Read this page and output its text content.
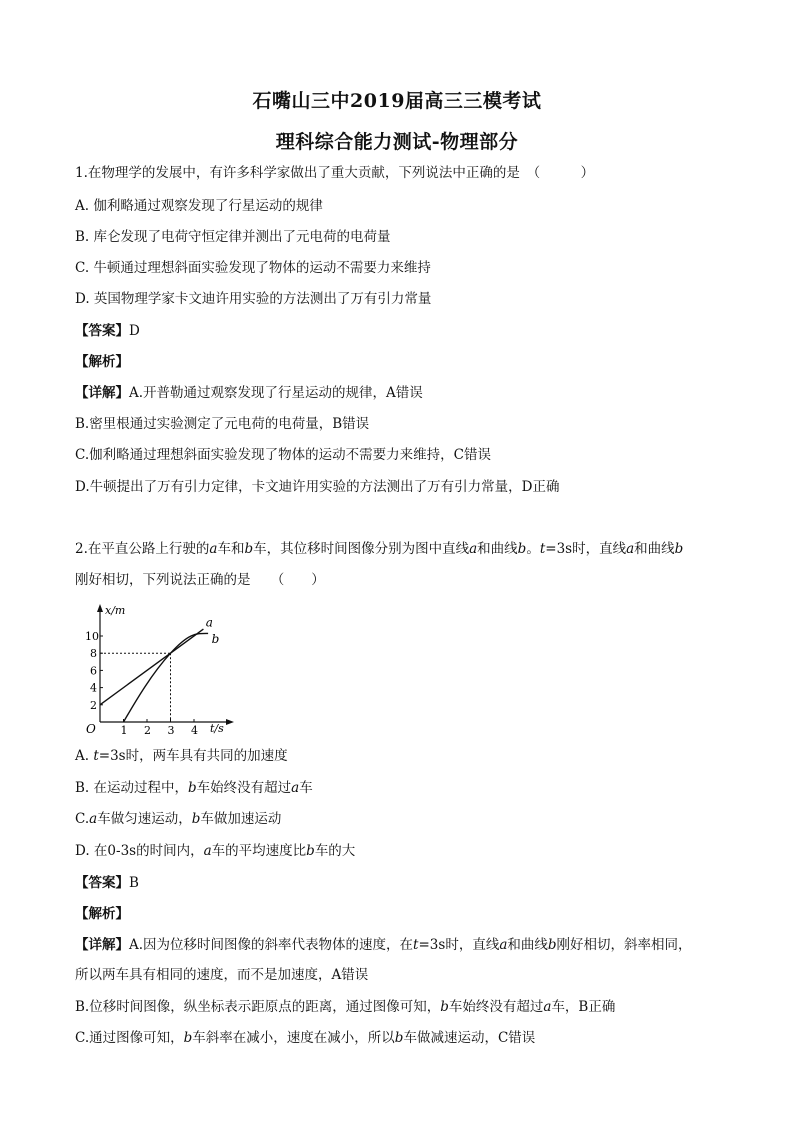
石嘴山三中2019届高三三模考试
理科综合能力测试-物理部分
1.在物理学的发展中，有许多科学家做出了重大贡献，下列说法中正确的是　（　　　）
A. 伽利略通过观察发现了行星运动的规律
B. 库仑发现了电荷守恒定律并测出了元电荷的电荷量
C. 牛顿通过理想斜面实验发现了物体的运动不需要力来维持
D. 英国物理学家卡文迪许用实验的方法测出了万有引力常量
【答案】D
【解析】
【详解】A.开普勒通过观察发现了行星运动的规律，A错误
B.密里根通过实验测定了元电荷的电荷量，B错误
C.伽利略通过理想斜面实验发现了物体的运动不需要力来维持，C错误
D.牛顿提出了万有引力定律，卡文迪许用实验的方法测出了万有引力常量，D正确
2.在平直公路上行驶的a车和b车，其位移时间图像分别为图中直线a和曲线b。t=3s时，直线a和曲线b
刚好相切，下列说法正确的是　　（　　）
1 2 3 4
2
4
6
8
10
x/m
t/s
O
a
b
A. t=3s时，两车具有共同的加速度
B. 在运动过程中，b车始终没有超过a车
C.a车做匀速运动，b车做加速运动
D. 在0-3s的时间内，a车的平均速度比b车的大
【答案】B
【解析】
【详解】A.因为位移时间图像的斜率代表物体的速度，在t=3s时，直线a和曲线b刚好相切，斜率相同，
所以两车具有相同的速度，而不是加速度，A错误
B.位移时间图像，纵坐标表示距原点的距离，通过图像可知，b车始终没有超过a车，B正确
C.通过图像可知，b车斜率在减小，速度在减小，所以b车做减速运动，C错误
